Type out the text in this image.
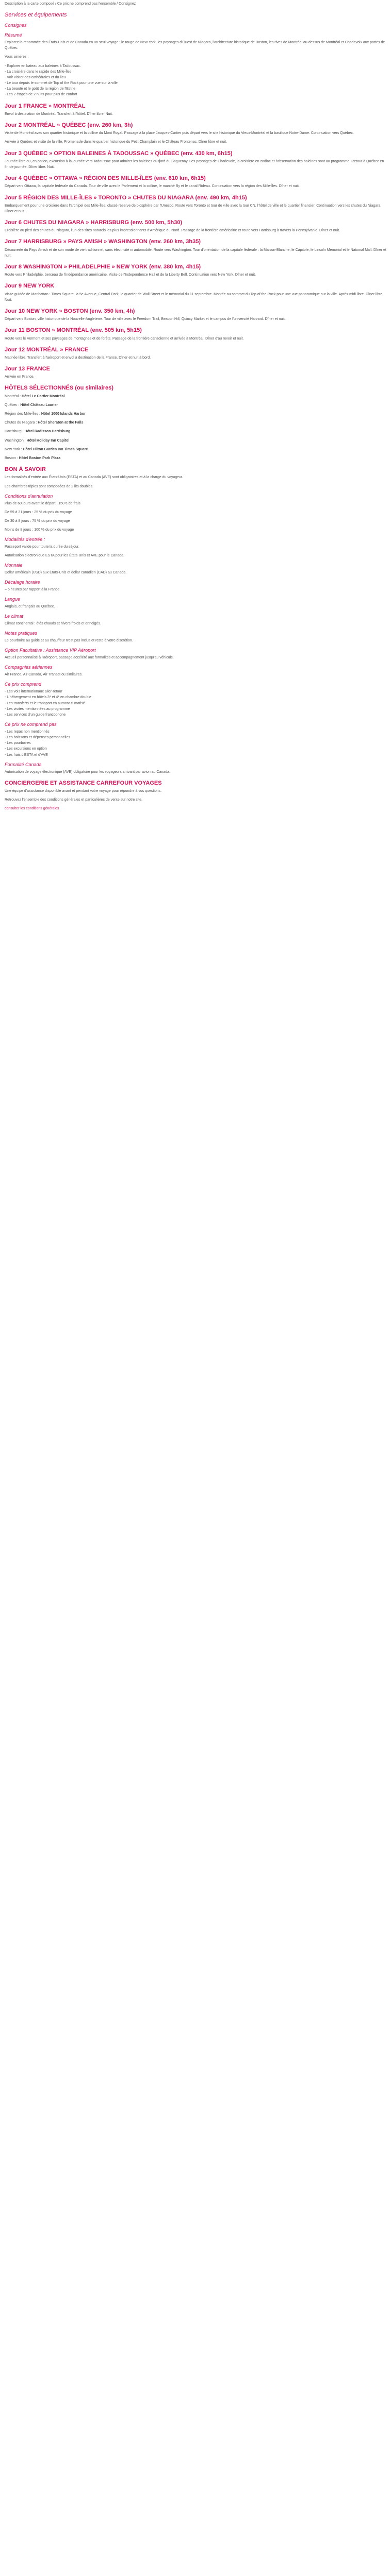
Description à la carte composé / Ce prix ne comprend pas l'ensemble / Consignez

Services et équipements
Consignes
Résumé

Explorez la renommée des États-Unis et de Canada en un seul voyage : le rouge de New York, les paysages d'Ouest de Niagara, l'architecture historique de Boston, les rives de Montréal au-dessus de Montréal et Charlevoix aux portes de Québec.

Vous aimerez :

- Explorer en bateau aux baleines à Tadoussac.
- La croisière dans le rapide des Mille-Îles
- Voir visiter des cathédrales et du lieu
- Le tour depuis le sommet de Top of the Rock pour une vue sur la ville
- La beauté et le goût de la région de l'Estrie
- Les 2 étapes de 2 nuits pour plus de confort
Jour 1 FRANCE » MONTRÉAL

Envol à destination de Montréal. Transfert à l'hôtel. Dîner libre. Nuit.

Jour 2 MONTRÉAL » QUÉBEC (env. 260 km, 3h)

Visite de Montréal avec son quartier historique et la colline du Mont Royal. Passage à la place Jacques-Cartier puis départ vers le site historique du Vieux-Montréal et la basilique Notre-Dame. Continuation vers Québec.

Arrivée à Québec et visite de la ville. Promenade dans le quartier historique du Petit Champlain et le Château Frontenac. Dîner libre et nuit.

Jour 3 QUÉBEC » OPTION BALEINES À TADOUSSAC » QUÉBEC (env. 430 km, 6h15)

Journée libre ou, en option, excursion à la journée vers Tadoussac pour admirer les baleines du fjord du Saguenay. Les paysages de Charlevoix, la croisière en zodiac et l'observation des baleines sont au programme. Retour à Québec en fin de journée. Dîner libre. Nuit.

Jour 4 QUÉBEC » OTTAWA » RÉGION DES MILLE-ÎLES (env. 610 km, 6h15)

Départ vers Ottawa, la capitale fédérale du Canada. Tour de ville avec le Parlement et la colline, le marché By et le canal Rideau. Continuation vers la région des Mille-Îles. Dîner et nuit.

Jour 5 RÉGION DES MILLE-ÎLES » TORONTO » CHUTES DU NIAGARA (env. 490 km, 4h15)

Embarquement pour une croisière dans l'archipel des Mille-Îles, classé réserve de biosphère par l'Unesco. Route vers Toronto et tour de ville avec la tour CN, l'hôtel de ville et le quartier financier. Continuation vers les chutes du Niagara. Dîner et nuit.

Jour 6 CHUTES DU NIAGARA » HARRISBURG (env. 500 km, 5h30)

Croisière au pied des chutes du Niagara, l'un des sites naturels les plus impressionnants d'Amérique du Nord. Passage de la frontière américaine et route vers Harrisburg à travers la Pennsylvanie. Dîner et nuit.

Jour 7 HARRISBURG » PAYS AMISH » WASHINGTON (env. 260 km, 3h35)

Découverte du Pays Amish et de son mode de vie traditionnel, sans électricité ni automobile. Route vers Washington. Tour d'orientation de la capitale fédérale : la Maison-Blanche, le Capitole, le Lincoln Memorial et le National Mall. Dîner et nuit.

Jour 8 WASHINGTON » PHILADELPHIE » NEW YORK (env. 380 km, 4h15)

Route vers Philadelphie, berceau de l'indépendance américaine. Visite de l'Independence Hall et de la Liberty Bell. Continuation vers New York. Dîner et nuit.

Jour 9 NEW YORK

Visite guidée de Manhattan : Times Square, la 5e Avenue, Central Park, le quartier de Wall Street et le mémorial du 11 septembre. Montée au sommet du Top of the Rock pour une vue panoramique sur la ville. Après-midi libre. Dîner libre. Nuit.

Jour 10 NEW YORK » BOSTON (env. 350 km, 4h)

Départ vers Boston, ville historique de la Nouvelle-Angleterre. Tour de ville avec le Freedom Trail, Beacon Hill, Quincy Market et le campus de l'université Harvard. Dîner et nuit.

Jour 11 BOSTON » MONTRÉAL (env. 505 km, 5h15)

Route vers le Vermont et ses paysages de montagnes et de forêts. Passage de la frontière canadienne et arrivée à Montréal. Dîner d'au revoir et nuit.

Jour 12 MONTRÉAL » FRANCE

Matinée libre. Transfert à l'aéroport et envol à destination de la France. Dîner et nuit à bord.

Jour 13 FRANCE

Arrivée en France.

HÔTELS SÉLECTIONNÉS (ou similaires)
Montréal : Hôtel Le Cartier Montréal
Québec : Hôtel Château Laurier
Région des Mille-Îles : Hôtel 1000 Islands Harbor
Chutes du Niagara : Hôtel Sheraton at the Falls
Harrisburg : Hôtel Radisson Harrisburg
Washington : Hôtel Holiday Inn Capitol
New York : Hôtel Hilton Garden Inn Times Square
Boston : Hôtel Boston Park Plaza
BON À SAVOIR

Les formalités d'entrée aux États-Unis (ESTA) et au Canada (AVE) sont obligatoires et à la charge du voyageur.

Les chambres triples sont composées de 2 lits doubles.

Conditions d'annulation

Plus de 60 jours avant le départ : 150 € de frais

De 59 à 31 jours : 25 % du prix du voyage

De 30 à 8 jours : 75 % du prix du voyage

Moins de 8 jours : 100 % du prix du voyage

Modalités d'entrée :

Passeport valide pour toute la durée du séjour.

Autorisation électronique ESTA pour les États-Unis et AVE pour le Canada.

Monnaie

Dollar américain (USD) aux États-Unis et dollar canadien (CAD) au Canada.

Décalage horaire

– 6 heures par rapport à la France.

Langue

Anglais, et français au Québec.

Le climat

Climat continental : étés chauds et hivers froids et enneigés.

Notes pratiques

Le pourboire au guide et au chauffeur n'est pas inclus et reste à votre discrétion.

Option Facultative : Assistance VIP Aéroport

Accueil personnalisé à l'aéroport, passage accéléré aux formalités et accompagnement jusqu'au véhicule.

Compagnies aériennes

Air France, Air Canada, Air Transat ou similaires.

Ce prix comprend
- Les vols internationaux aller-retour
- L'hébergement en hôtels 3* et 4* en chambre double
- Les transferts et le transport en autocar climatisé
- Les visites mentionnées au programme
- Les services d'un guide francophone
Ce prix ne comprend pas
- Les repas non mentionnés
- Les boissons et dépenses personnelles
- Les pourboires
- Les excursions en option
- Les frais d'ESTA et d'AVE
Formalité Canada

Autorisation de voyage électronique (AVE) obligatoire pour les voyageurs arrivant par avion au Canada.

CONCIERGERIE ET ASSISTANCE CARREFOUR VOYAGES

Une équipe d'assistance disponible avant et pendant votre voyage pour répondre à vos questions.

Retrouvez l'ensemble des conditions générales et particulières de vente sur notre site.

consulter les conditions générales
